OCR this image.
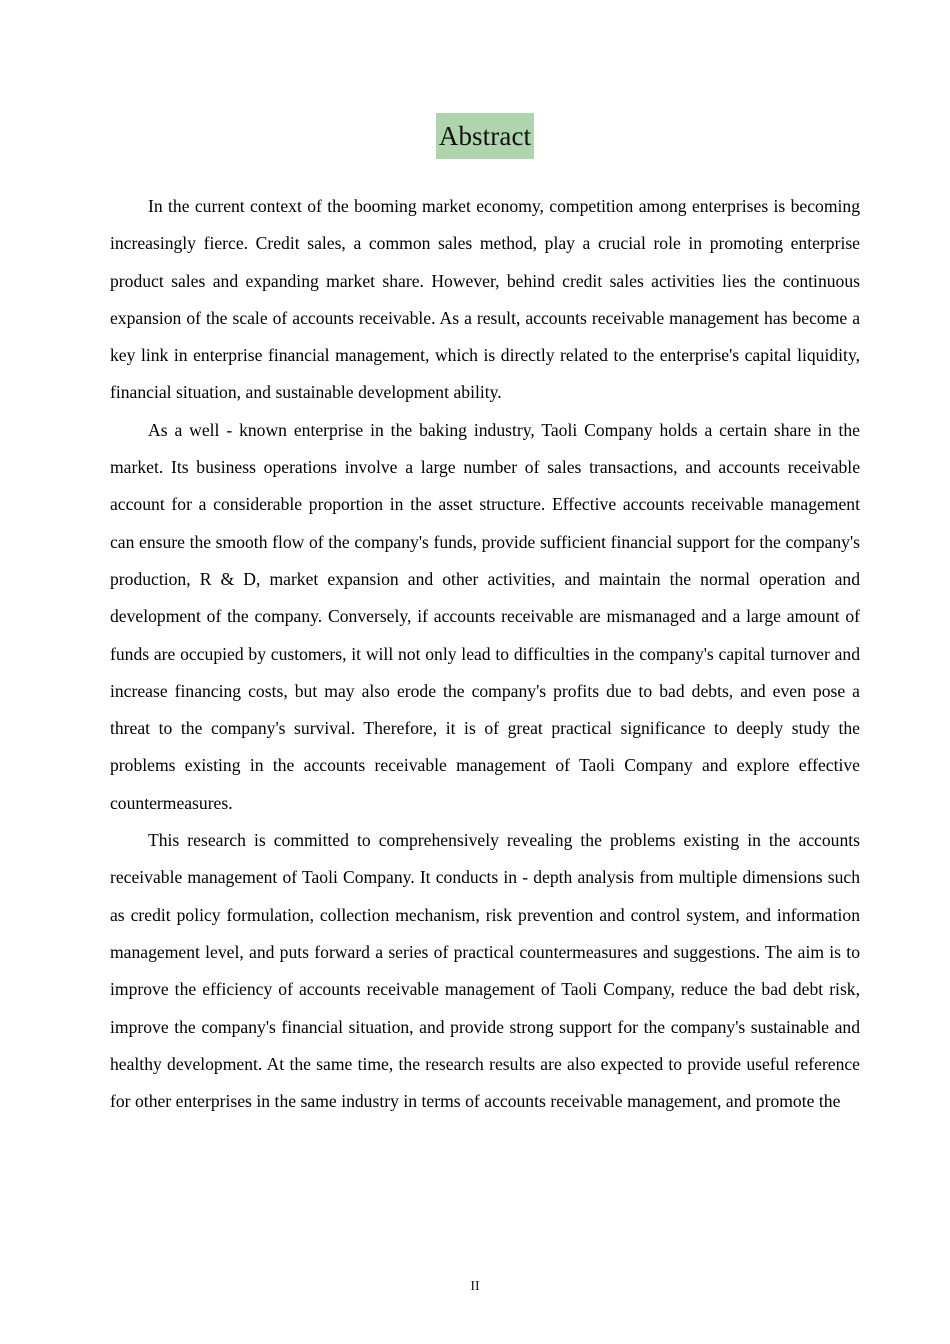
Abstract

In the current context of the booming market economy, competition among enterprises is becoming increasingly fierce. Credit sales, a common sales method, play a crucial role in promoting enterprise product sales and expanding market share. However, behind credit sales activities lies the continuous expansion of the scale of accounts receivable. As a result, accounts receivable management has become a key link in enterprise financial management, which is directly related to the enterprise's capital liquidity, financial situation, and sustainable development ability.

As a well - known enterprise in the baking industry, Taoli Company holds a certain share in the market. Its business operations involve a large number of sales transactions, and accounts receivable account for a considerable proportion in the asset structure. Effective accounts receivable management can ensure the smooth flow of the company's funds, provide sufficient financial support for the company's production, R & D, market expansion and other activities, and maintain the normal operation and development of the company. Conversely, if accounts receivable are mismanaged and a large amount of funds are occupied by customers, it will not only lead to difficulties in the company's capital turnover and increase financing costs, but may also erode the company's profits due to bad debts, and even pose a threat to the company's survival. Therefore, it is of great practical significance to deeply study the problems existing in the accounts receivable management of Taoli Company and explore effective countermeasures.

This research is committed to comprehensively revealing the problems existing in the accounts receivable management of Taoli Company. It conducts in - depth analysis from multiple dimensions such as credit policy formulation, collection mechanism, risk prevention and control system, and information management level, and puts forward a series of practical countermeasures and suggestions. The aim is to improve the efficiency of accounts receivable management of Taoli Company, reduce the bad debt risk, improve the company's financial situation, and provide strong support for the company's sustainable and healthy development. At the same time, the research results are also expected to provide useful reference for other enterprises in the same industry in terms of accounts receivable management, and promote the

II
